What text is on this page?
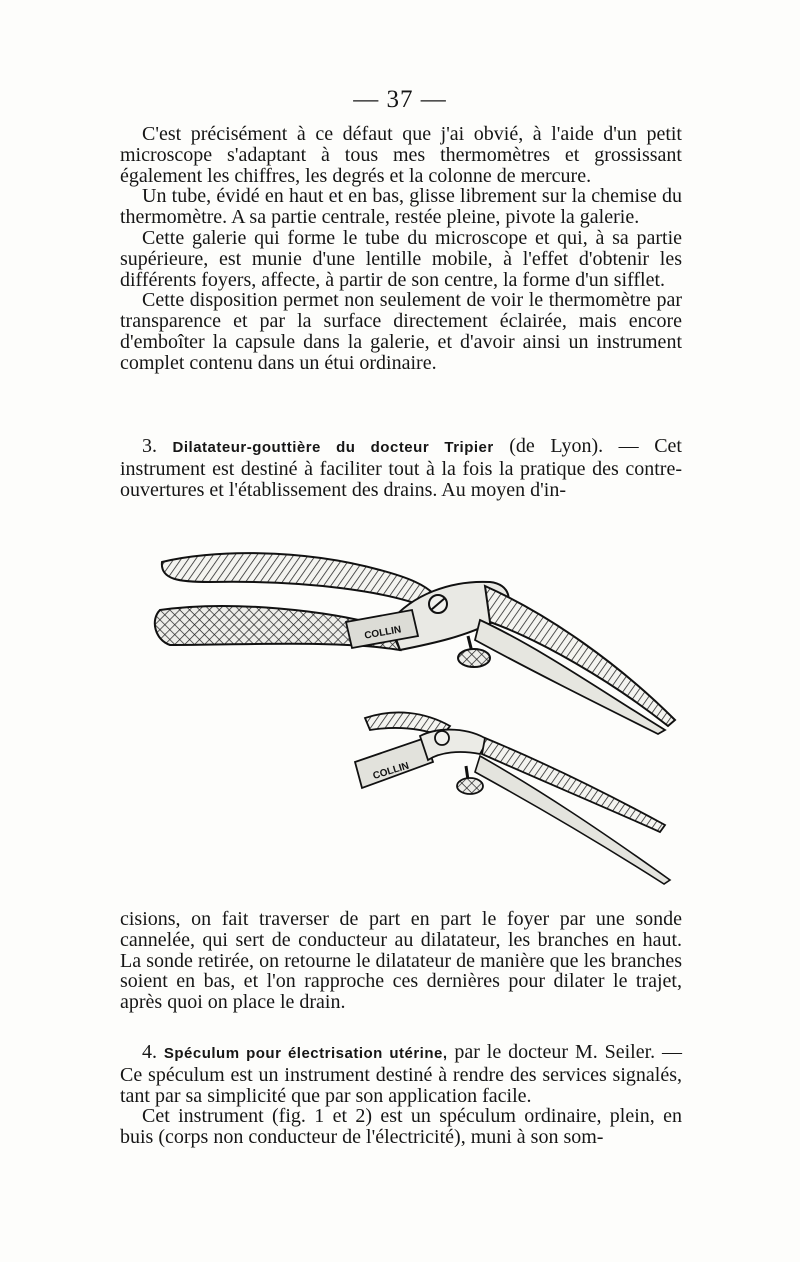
— 37 —

C'est précisément à ce défaut que j'ai obvié, à l'aide d'un petit microscope s'adaptant à tous mes thermomètres et grossissant également les chiffres, les degrés et la colonne de mercure.

Un tube, évidé en haut et en bas, glisse librement sur la chemise du thermomètre. A sa partie centrale, restée pleine, pivote la galerie.

Cette galerie qui forme le tube du microscope et qui, à sa partie supérieure, est munie d'une lentille mobile, à l'effet d'obtenir les différents foyers, affecte, à partir de son centre, la forme d'un sifflet.

Cette disposition permet non seulement de voir le thermomètre par transparence et par la surface directement éclairée, mais encore d'emboîter la capsule dans la galerie, et d'avoir ainsi un instrument complet contenu dans un étui ordinaire.

3. Dilatateur-gouttière du docteur Tripier (de Lyon). — Cet instrument est destiné à faciliter tout à la fois la pratique des contre-ouvertures et l'établissement des drains. Au moyen d'in-

COLLIN
COLLIN

cisions, on fait traverser de part en part le foyer par une sonde cannelée, qui sert de conducteur au dilatateur, les branches en haut. La sonde retirée, on retourne le dilatateur de manière que les branches soient en bas, et l'on rapproche ces dernières pour dilater le trajet, après quoi on place le drain.

4. Spéculum pour électrisation utérine, par le docteur M. Seiler. — Ce spéculum est un instrument destiné à rendre des services signalés, tant par sa simplicité que par son application facile.

Cet instrument (fig. 1 et 2) est un spéculum ordinaire, plein, en buis (corps non conducteur de l'électricité), muni à son som-
